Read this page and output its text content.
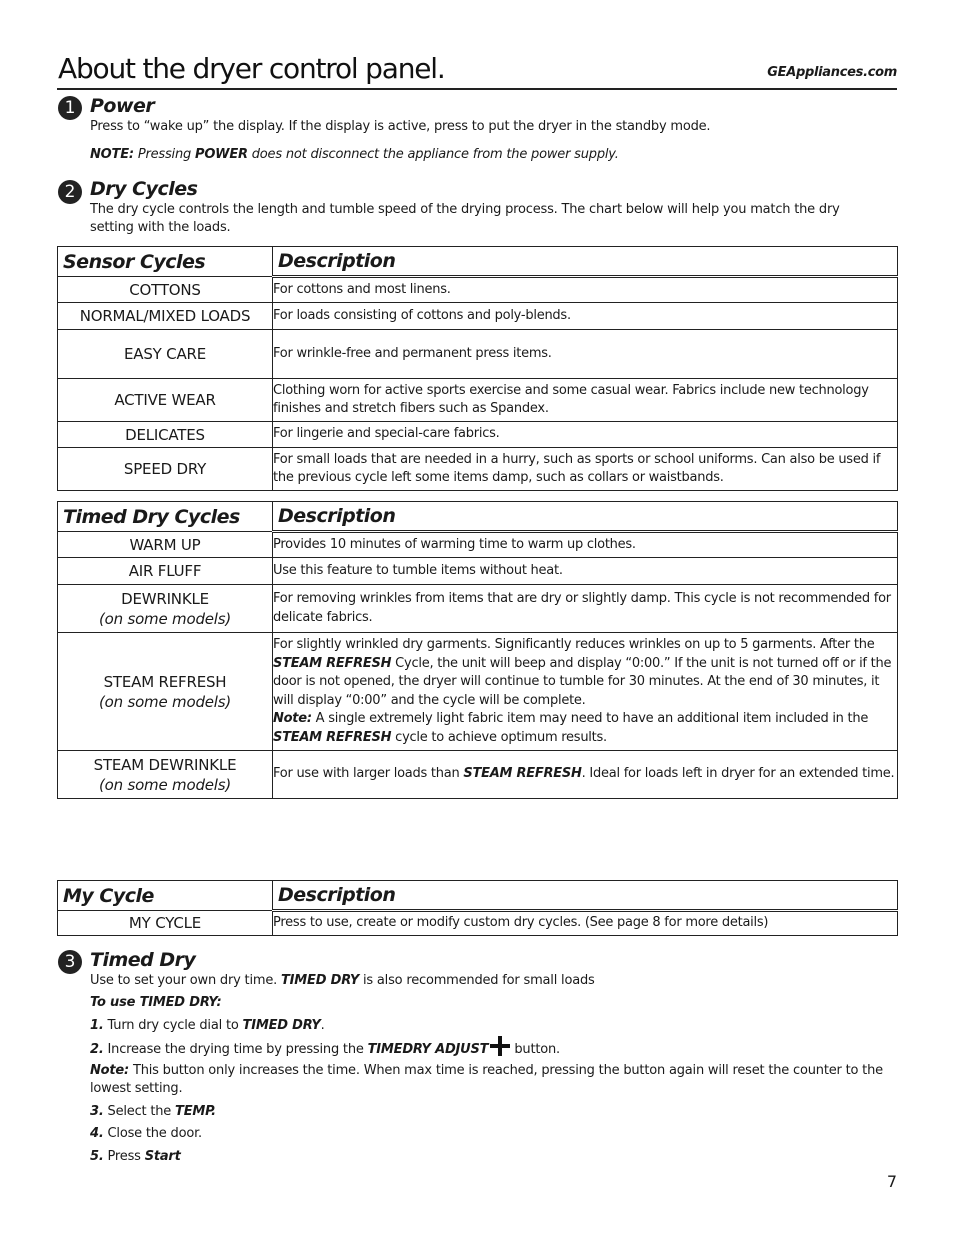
About the dryer control panel.	GEAppliances.com
1 Power
Press to “wake up” the display. If the display is active, press to put the dryer in the standby mode.
NOTE: Pressing POWER does not disconnect the appliance from the power supply.
2 Dry Cycles
The dry cycle controls the length and tumble speed of the drying process. The chart below will help you match the dry setting with the loads.
Sensor Cycles	Description
COTTONS	For cottons and most linens.
NORMAL/MIXED LOADS	For loads consisting of cottons and poly-blends.
EASY CARE	For wrinkle-free and permanent press items.
ACTIVE WEAR	Clothing worn for active sports exercise and some casual wear. Fabrics include new technology finishes and stretch fibers such as Spandex.
DELICATES	For lingerie and special-care fabrics.
SPEED DRY	For small loads that are needed in a hurry, such as sports or school uniforms. Can also be used if the previous cycle left some items damp, such as collars or waistbands.
Timed Dry Cycles	Description
WARM UP	Provides 10 minutes of warming time to warm up clothes.
AIR FLUFF	Use this feature to tumble items without heat.
DEWRINKLE
(on some models)	For removing wrinkles from items that are dry or slightly damp. This cycle is not recommended for delicate fabrics.
STEAM REFRESH
(on some models)	For slightly wrinkled dry garments. Significantly reduces wrinkles on up to 5 garments. After the STEAM REFRESH Cycle, the unit will beep and display “0:00.” If the unit is not turned off or if the door is not opened, the dryer will continue to tumble for 30 minutes. At the end of 30 minutes, it will display “0:00” and the cycle will be complete.
Note: A single extremely light fabric item may need to have an additional item included in the STEAM REFRESH cycle to achieve optimum results.
STEAM DEWRINKLE
(on some models)	For use with larger loads than STEAM REFRESH. Ideal for loads left in dryer for an extended time.
My Cycle	Description
MY CYCLE	Press to use, create or modify custom dry cycles. (See page 8 for more details)
3 Timed Dry
Use to set your own dry time. TIMED DRY is also recommended for small loads
To use TIMED DRY:
1. Turn dry cycle dial to TIMED DRY.
2. Increase the drying time by pressing the TIMEDRY ADJUST button.
Note: This button only increases the time. When max time is reached, pressing the button again will reset the counter to the lowest setting.
3. Select the TEMP.
4. Close the door.
5. Press Start
7
